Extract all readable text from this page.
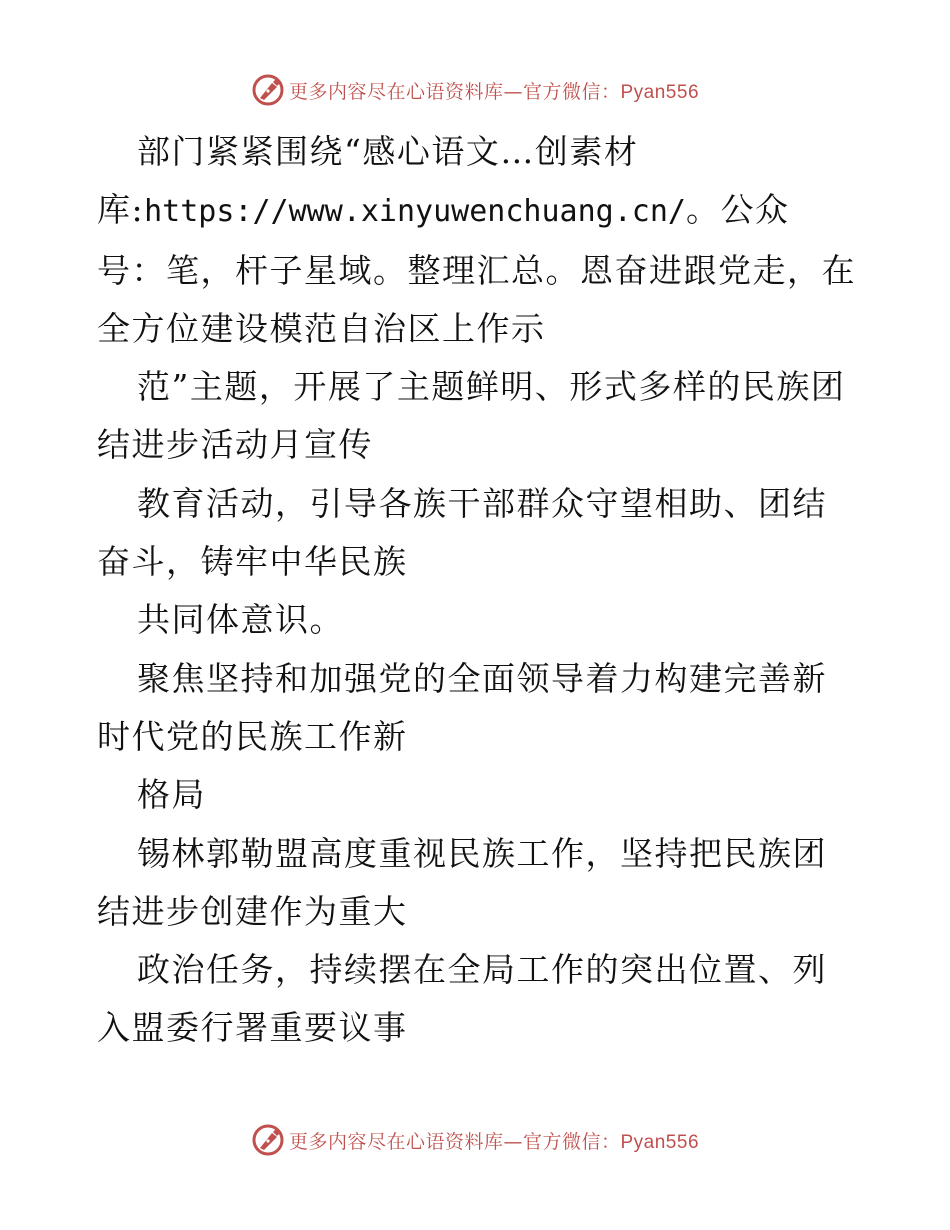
更多内容尽在心语资料库—官方微信：Pyan556

部门紧紧围绕“感心语文…创素材库:https://www.xinyuwenchuang.cn/。公众号：笔，杆子星域。整理汇总。恩奋进跟党走，在全方位建设模范自治区上作示

范”主题，开展了主题鲜明、形式多样的民族团结进步活动月宣传

教育活动，引导各族干部群众守望相助、团结奋斗，铸牢中华民族

共同体意识。

聚焦坚持和加强党的全面领导着力构建完善新时代党的民族工作新

格局

锡林郭勒盟高度重视民族工作，坚持把民族团结进步创建作为重大

政治任务，持续摆在全局工作的突出位置、列入盟委行署重要议事

更多内容尽在心语资料库—官方微信：Pyan556
